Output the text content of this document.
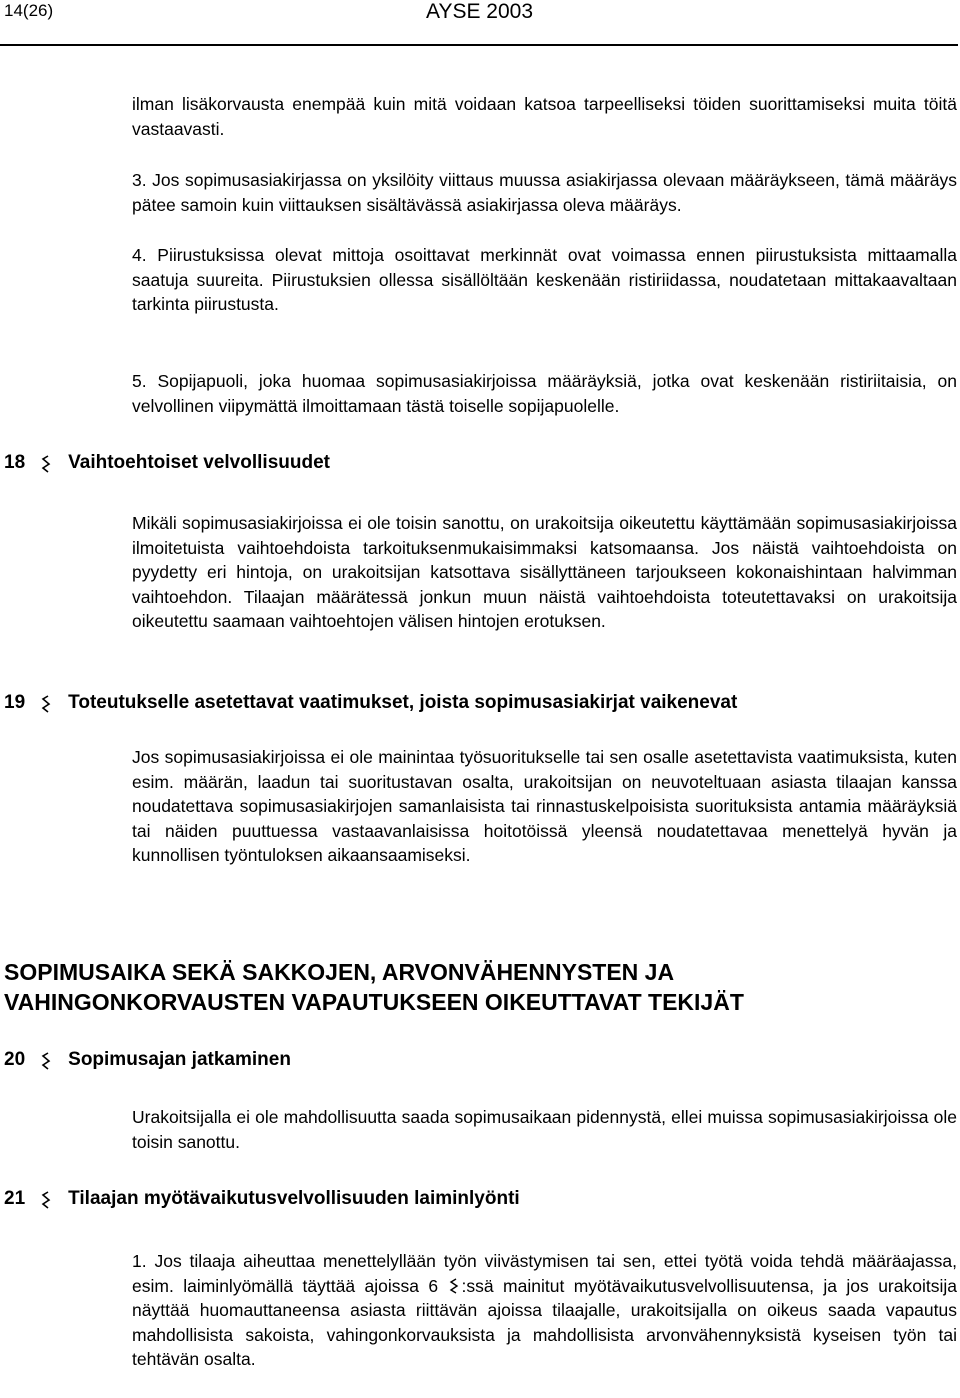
14(26)	AYSE 2003
ilman lisäkorvausta enempää kuin mitä voidaan katsoa tarpeelliseksi töiden suorittamiseksi muita töitä vastaavasti.
3. Jos sopimusasiakirjassa on yksilöity viittaus muussa asiakirjassa olevaan määräykseen, tämä määräys pätee samoin kuin viittauksen sisältävässä asiakirjassa oleva määräys.
4. Piirustuksissa olevat mittoja osoittavat merkinnät ovat voimassa ennen piirustuksista mittaamalla saatuja suureita. Piirustuksien ollessa sisällöltään keskenään ristiriidassa, noudatetaan mittakaavaltaan tarkinta piirustusta.
5. Sopijapuoli, joka huomaa sopimusasiakirjoissa määräyksiä, jotka ovat keskenään ristiriitaisia, on velvollinen viipymättä ilmoittamaan tästä toiselle sopijapuolelle.
18 Vaihtoehtoiset velvollisuudet
Mikäli sopimusasiakirjoissa ei ole toisin sanottu, on urakoitsija oikeutettu käyttämään sopimusasiakirjoissa ilmoitetuista vaihtoehdoista tarkoituksenmukaisimmaksi katsomaansa. Jos näistä vaihtoehdoista on pyydetty eri hintoja, on urakoitsijan katsottava sisällyttäneen tarjoukseen kokonaishintaan halvimman vaihtoehdon. Tilaajan määrätessä jonkun muun näistä vaihtoehdoista toteutettavaksi on urakoitsija oikeutettu saamaan vaihtoehtojen välisen hintojen erotuksen.
19 Toteutukselle asetettavat vaatimukset, joista sopimusasiakirjat vaikenevat
Jos sopimusasiakirjoissa ei ole mainintaa työsuoritukselle tai sen osalle asetettavista vaatimuksista, kuten esim. määrän, laadun tai suoritustavan osalta, urakoitsijan on neuvoteltuaan asiasta tilaajan kanssa noudatettava sopimusasiakirjojen samanlaisista tai rinnastuskelpoisista suorituksista antamia määräyksiä tai näiden puuttuessa vastaavanlaisissa hoitotöissä yleensä noudatettavaa menettelyä hyvän ja kunnollisen työntuloksen aikaansaamiseksi.
SOPIMUSAIKA SEKÄ SAKKOJEN, ARVONVÄHENNYSTEN JA
VAHINGONKORVAUSTEN VAPAUTUKSEEN OIKEUTTAVAT TEKIJÄT
20 Sopimusajan jatkaminen
Urakoitsijalla ei ole mahdollisuutta saada sopimusaikaan pidennystä, ellei muissa sopimusasiakirjoissa ole toisin sanottu.
21 Tilaajan myötävaikutusvelvollisuuden laiminlyönti
1. Jos tilaaja aiheuttaa menettelyllään työn viivästymisen tai sen, ettei työtä voida tehdä määräajassa, esim. laiminlyömällä täyttää ajoissa 6 :ssä mainitut myötävaikutusvelvollisuutensa, ja jos urakoitsija näyttää huomauttaneensa asiasta riittävän ajoissa tilaajalle, urakoitsijalla on oikeus saada vapautus mahdollisista sakoista, vahingonkorvauksista ja mahdollisista arvonvähennyksistä kyseisen työn tai tehtävän osalta.
